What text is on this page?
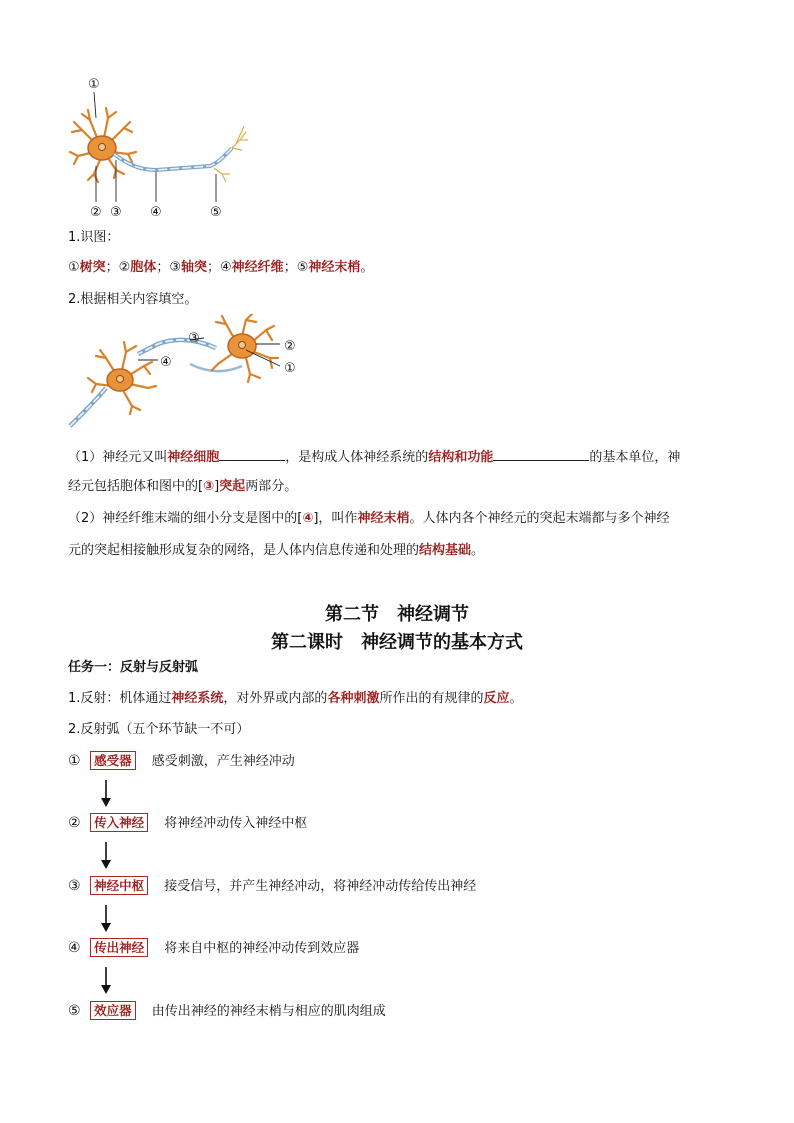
①
② ③ ④	⑤
1.识图：
①树突；②胞体；③轴突；④神经纤维；⑤神经末梢。
2.根据相关内容填空。
③
②
④	①
（1）神经元又叫神经细胞	，是构成人体神经系统的结构和功能	的基本单位，神
经元包括胞体和图中的[③]突起两部分。
（2）神经纤维末端的细小分支是图中的[④]，叫作神经末梢。人体内各个神经元的突起末端都与多个神经
元的突起相接触形成复杂的网络，是人体内信息传递和处理的结构基础。
第二节　神经调节
第二课时　神经调节的基本方式
任务一：反射与反射弧
1.反射：机体通过神经系统，对外界或内部的各种刺激所作出的有规律的反应。
2.反射弧（五个环节缺一不可）
① 感受器 感受刺激，产生神经冲动
② 传入神经 将神经冲动传入神经中枢
③ 神经中枢 接受信号，并产生神经冲动，将神经冲动传给传出神经
④ 传出神经 将来自中枢的神经冲动传到效应器
⑤ 效应器 由传出神经的神经末梢与相应的肌肉组成
